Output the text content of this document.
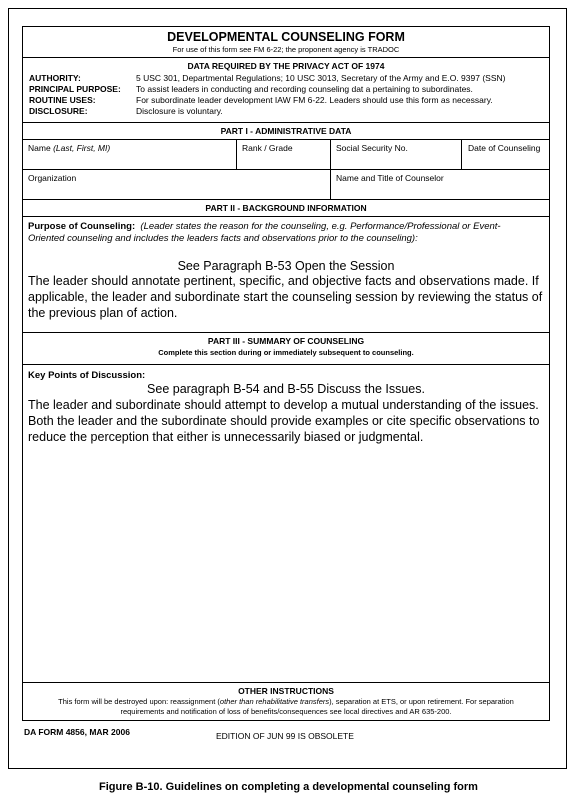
DEVELOPMENTAL COUNSELING FORM
For use of this form see FM 6-22; the proponent agency is TRADOC
DATA REQUIRED BY THE PRIVACY ACT OF 1974
AUTHORITY:	5 USC 301, Departmental Regulations; 10 USC 3013, Secretary of the Army and E.O. 9397 (SSN)
PRINCIPAL PURPOSE: To assist leaders in conducting and recording counseling dat a pertaining to subordinates.
ROUTINE USES:	For subordinate leader development IAW FM 6-22. Leaders should use this form as necessary.
DISCLOSURE:	Disclosure is voluntary.
PART I - ADMINISTRATIVE DATA
Name (Last, First, MI)	Rank / Grade	Social Security No.	Date of Counseling
Organization	Name and Title of Counselor
PART II - BACKGROUND INFORMATION
Purpose of Counseling: (Leader states the reason for the counseling, e.g. Performance/Professional or Event-
Oriented counseling and includes the leaders facts and observations prior to the counseling):
See Paragraph B-53 Open the Session
The leader should annotate pertinent, specific, and objective facts and observations made. If
applicable, the leader and subordinate start the counseling session by reviewing the status of
the previous plan of action.
PART III - SUMMARY OF COUNSELING
Complete this section during or immediately subsequent to counseling.
Key Points of Discussion:
See paragraph B-54 and B-55 Discuss the Issues.
The leader and subordinate should attempt to develop a mutual understanding of the issues.
Both the leader and the subordinate should provide examples or cite specific observations to
reduce the perception that either is unnecessarily biased or judgmental.
OTHER INSTRUCTIONS
This form will be destroyed upon: reassignment (other than rehabilitative transfers), separation at ETS, or upon retirement. For separation
requirements and notification of loss of benefits/consequences see local directives and AR 635-200.
DA FORM 4856, MAR 2006	EDITION OF JUN 99 IS OBSOLETE
Figure B-10. Guidelines on completing a developmental counseling form
